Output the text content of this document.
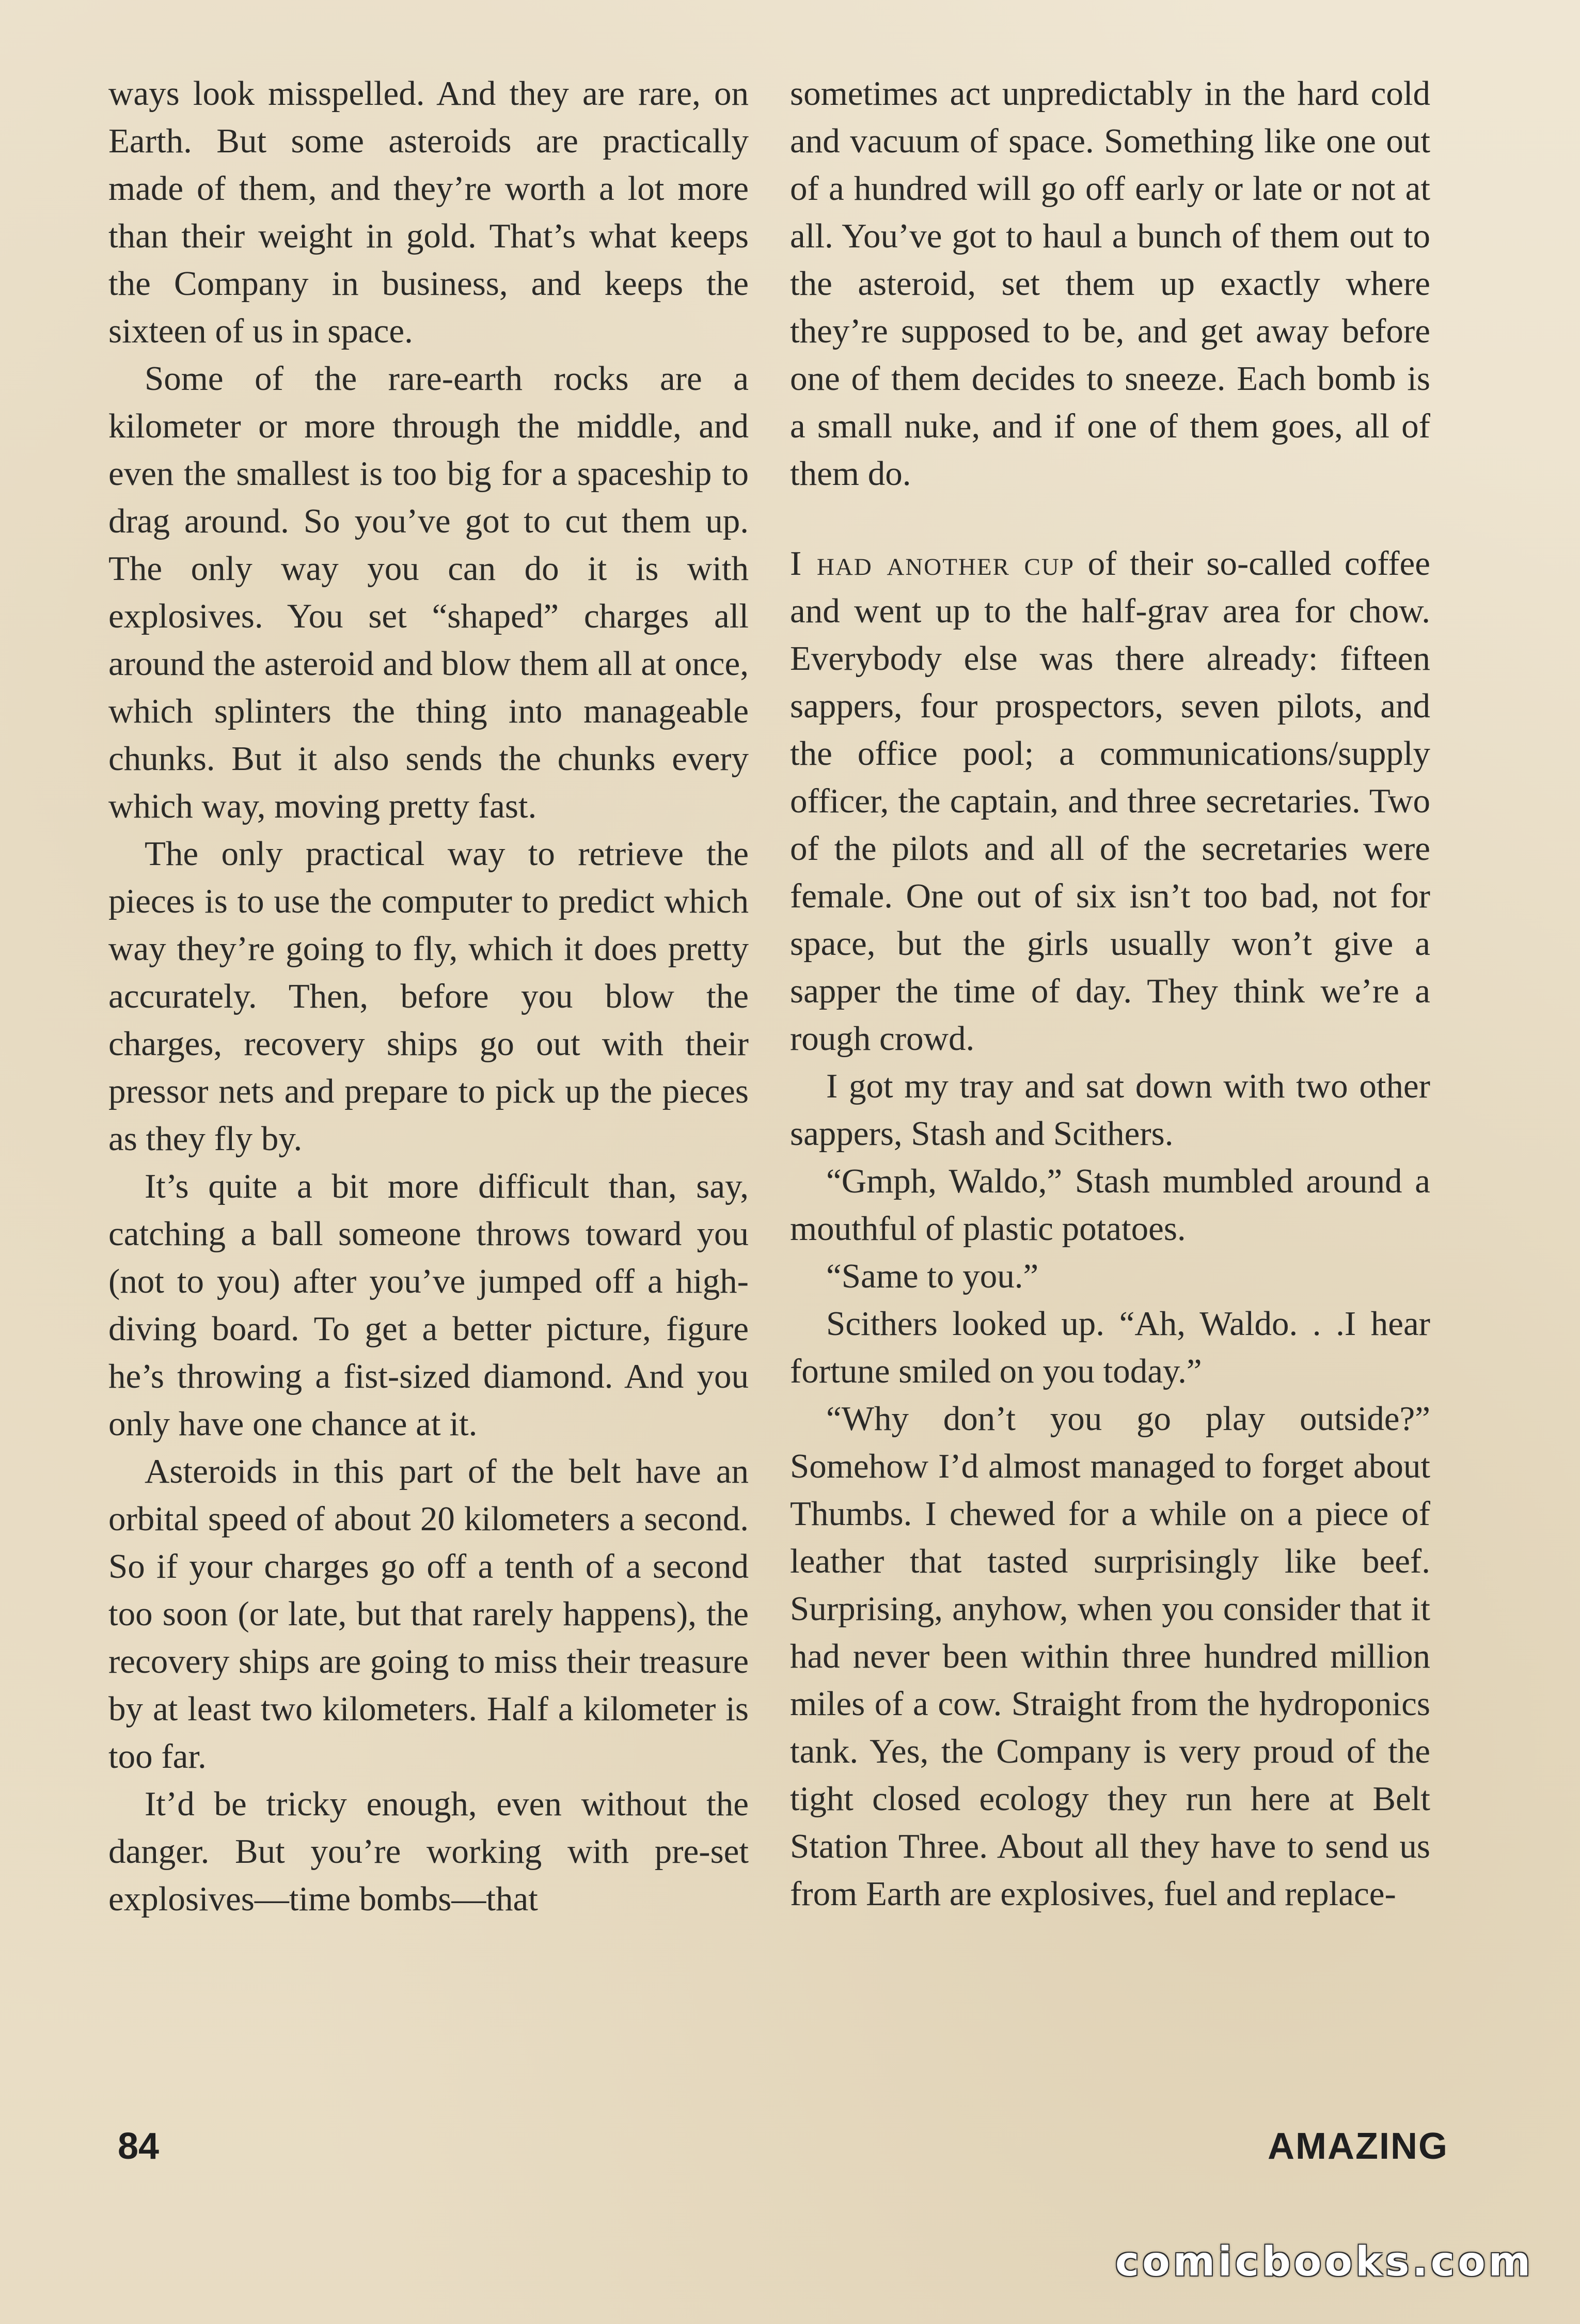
ways look misspelled. And they are rare, on Earth. But some asteroids are practically made of them, and they’re worth a lot more than their weight in gold. That’s what keeps the Company in business, and keeps the sixteen of us in space.

Some of the rare-earth rocks are a kilometer or more through the middle, and even the smallest is too big for a spaceship to drag around. So you’ve got to cut them up. The only way you can do it is with explosives. You set “shaped” charges all around the asteroid and blow them all at once, which splinters the thing into manageable chunks. But it also sends the chunks every which way, moving pretty fast.

The only practical way to retrieve the pieces is to use the computer to predict which way they’re going to fly, which it does pretty accurately. Then, before you blow the charges, recovery ships go out with their pressor nets and prepare to pick up the pieces as they fly by.

It’s quite a bit more difficult than, say, catching a ball someone throws toward you (not to you) after you’ve jumped off a high-diving board. To get a better picture, figure he’s throwing a fist-sized diamond. And you only have one chance at it.

Asteroids in this part of the belt have an orbital speed of about 20 kilometers a second. So if your charges go off a tenth of a second too soon (or late, but that rarely happens), the recovery ships are going to miss their treasure by at least two kilometers. Half a kilometer is too far.

It’d be tricky enough, even without the danger. But you’re working with pre-set explosives—time bombs—that

sometimes act unpredictably in the hard cold and vacuum of space. Something like one out of a hundred will go off early or late or not at all. You’ve got to haul a bunch of them out to the asteroid, set them up exactly where they’re supposed to be, and get away before one of them decides to sneeze. Each bomb is a small nuke, and if one of them goes, all of them do.

I had another cup of their so-called coffee and went up to the half-grav area for chow. Everybody else was there already: fifteen sappers, four prospectors, seven pilots, and the office pool; a communications/supply officer, the captain, and three secretaries. Two of the pilots and all of the secretaries were female. One out of six isn’t too bad, not for space, but the girls usually won’t give a sapper the time of day. They think we’re a rough crowd.

I got my tray and sat down with two other sappers, Stash and Scithers.

“Gmph, Waldo,” Stash mumbled around a mouthful of plastic potatoes.

“Same to you.”

Scithers looked up. “Ah, Waldo. . .I hear fortune smiled on you today.”

“Why don’t you go play outside?” Somehow I’d almost managed to forget about Thumbs. I chewed for a while on a piece of leather that tasted surprisingly like beef. Surprising, anyhow, when you consider that it had never been within three hundred million miles of a cow. Straight from the hydroponics tank. Yes, the Company is very proud of the tight closed ecology they run here at Belt Station Three. About all they have to send us from Earth are explosives, fuel and replace-

84	AMAZING
comicbooks.com
